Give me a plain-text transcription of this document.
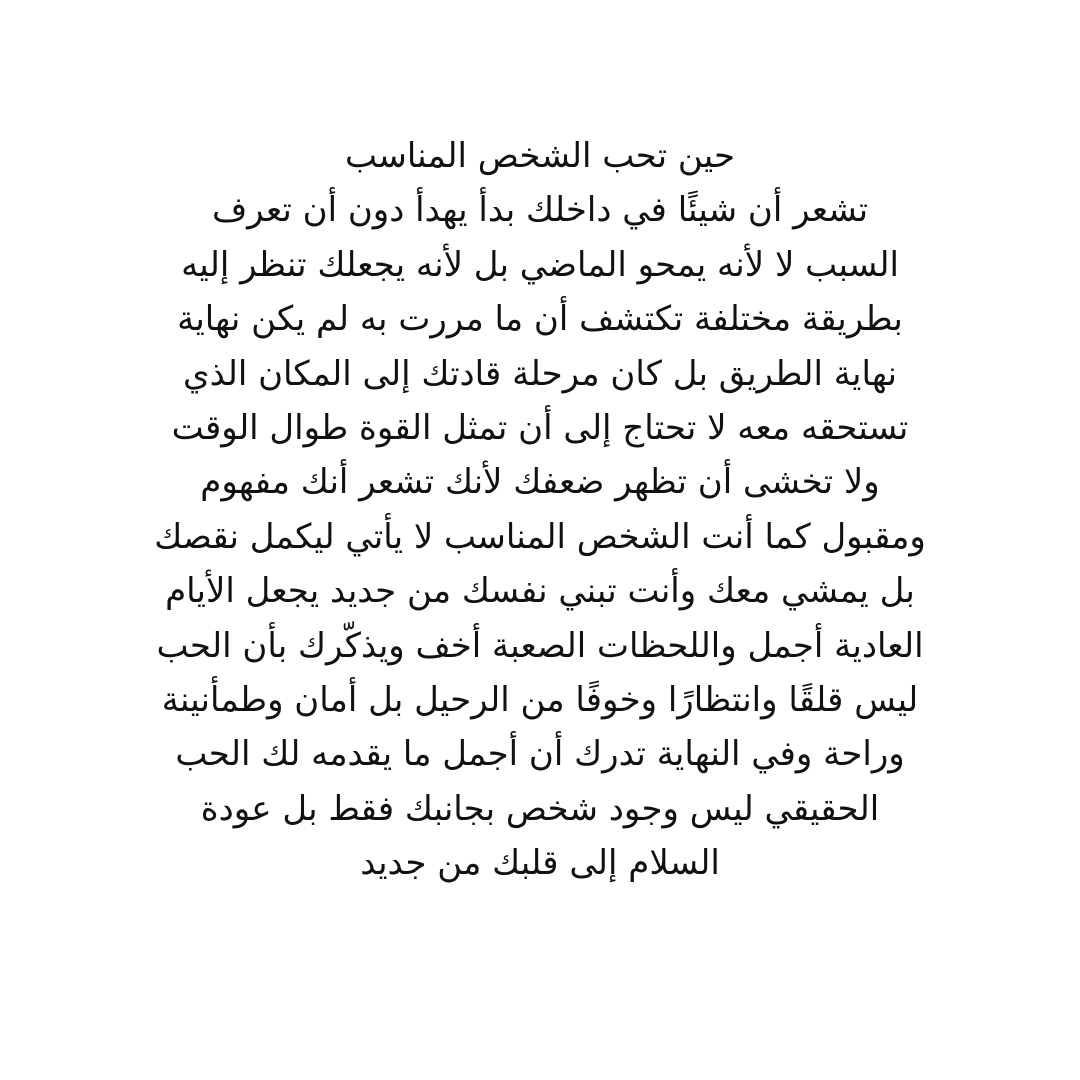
حين تحب الشخص المناسب
تشعر أن شيئًا في داخلك بدأ يهدأ دون أن تعرف
السبب لا لأنه يمحو الماضي بل لأنه يجعلك تنظر إليه
بطريقة مختلفة تكتشف أن ما مررت به لم يكن نهاية
نهاية الطريق بل كان مرحلة قادتك إلى المكان الذي
تستحقه معه لا تحتاج إلى أن تمثل القوة طوال الوقت
ولا تخشى أن تظهر ضعفك لأنك تشعر أنك مفهوم
ومقبول كما أنت الشخص المناسب لا يأتي ليكمل نقصك
بل يمشي معك وأنت تبني نفسك من جديد يجعل الأيام
العادية أجمل واللحظات الصعبة أخف ويذكّرك بأن الحب
ليس قلقًا وانتظارًا وخوفًا من الرحيل بل أمان وطمأنينة
وراحة وفي النهاية تدرك أن أجمل ما يقدمه لك الحب
الحقيقي ليس وجود شخص بجانبك فقط بل عودة
السلام إلى قلبك من جديد
